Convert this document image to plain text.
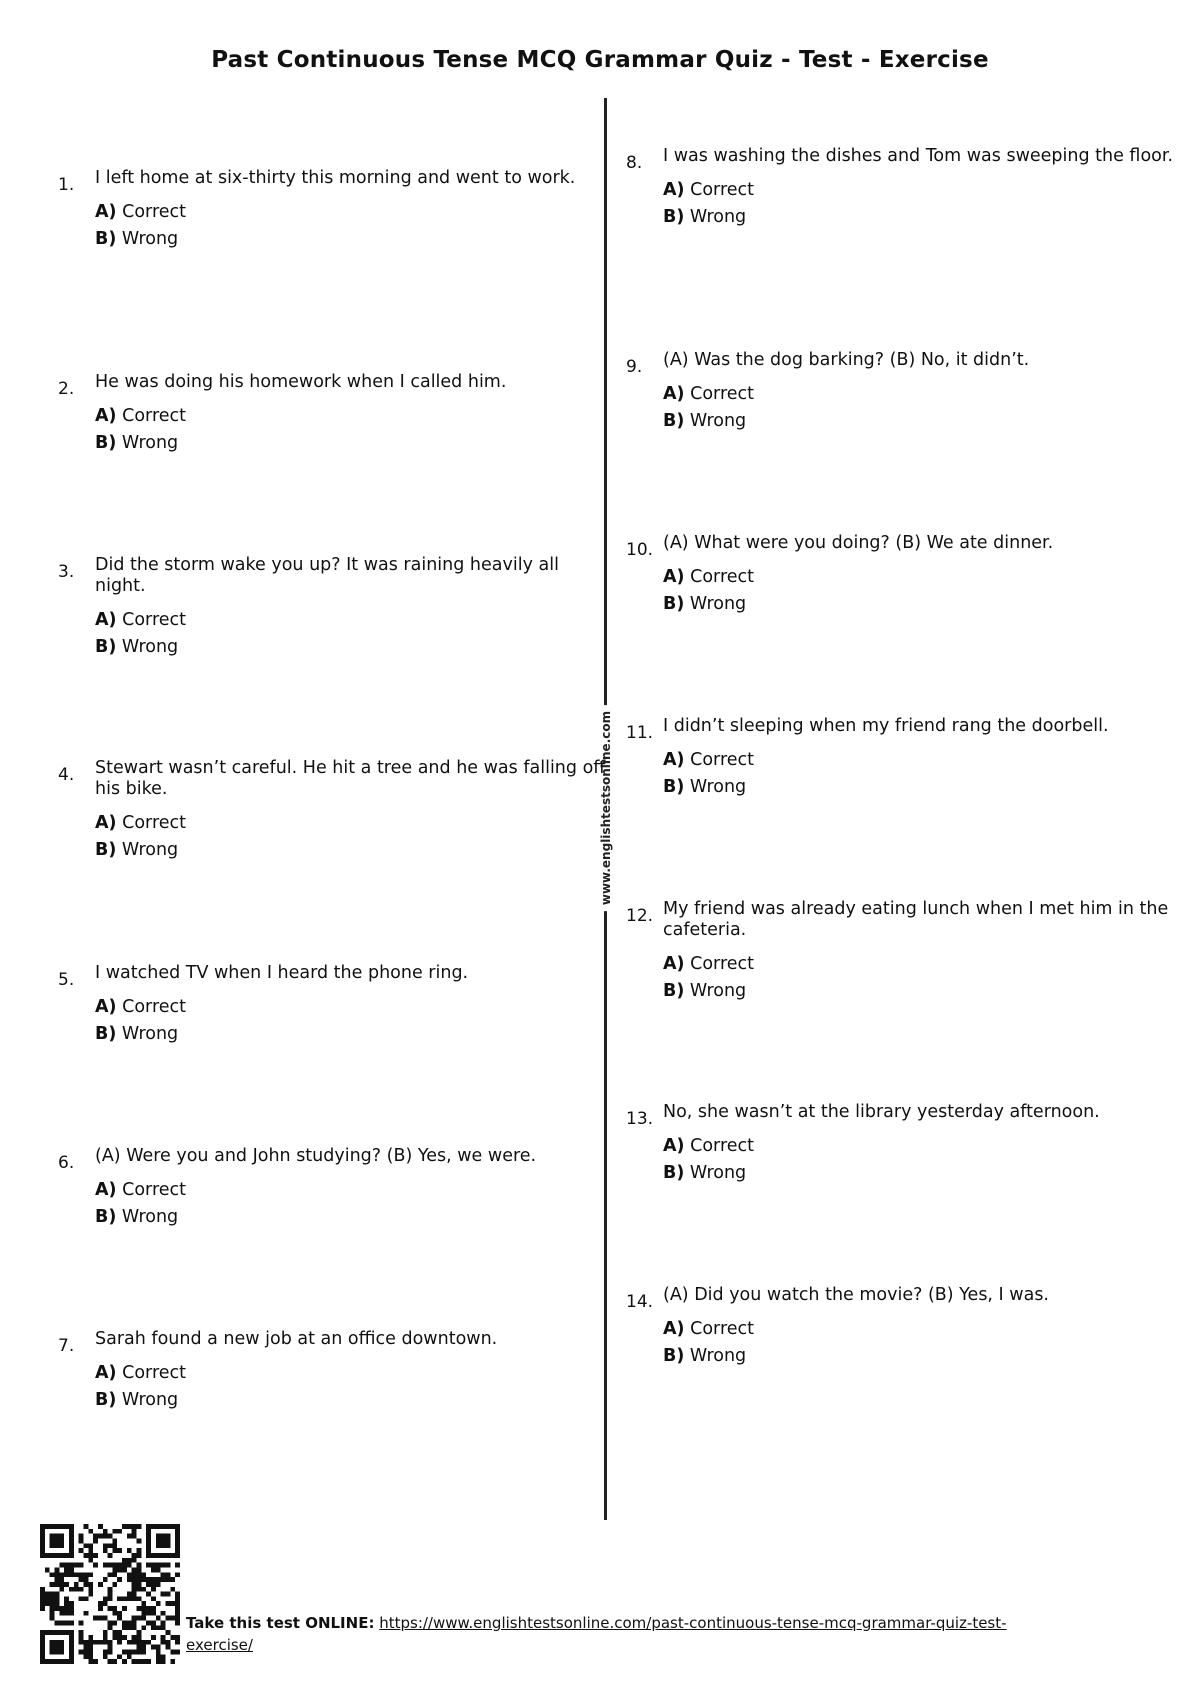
Past Continuous Tense MCQ Grammar Quiz - Test - Exercise
www.englishtestsonline.com
1.	I left home at six-thirty this morning and went to work.
A) Correct
B) Wrong
2.	He was doing his homework when I called him.
A) Correct
B) Wrong
3.	Did the storm wake you up? It was raining heavily all night.
A) Correct
B) Wrong
4.	Stewart wasn’t careful. He hit a tree and he was falling off his bike.
A) Correct
B) Wrong
5.	I watched TV when I heard the phone ring.
A) Correct
B) Wrong
6.	(A) Were you and John studying? (B) Yes, we were.
A) Correct
B) Wrong
7.	Sarah found a new job at an office downtown.
A) Correct
B) Wrong
8.	I was washing the dishes and Tom was sweeping the floor.
A) Correct
B) Wrong
9.	(A) Was the dog barking? (B) No, it didn’t.
A) Correct
B) Wrong
10. (A) What were you doing? (B) We ate dinner.
A) Correct
B) Wrong
11. I didn’t sleeping when my friend rang the doorbell.
A) Correct
B) Wrong
12. My friend was already eating lunch when I met him in the cafeteria.
A) Correct
B) Wrong
13. No, she wasn’t at the library yesterday afternoon.
A) Correct
B) Wrong
14. (A) Did you watch the movie? (B) Yes, I was.
A) Correct
B) Wrong
Take this test ONLINE: https://www.englishtestsonline.com/past-continuous-tense-mcq-grammar-quiz-test-exercise/
